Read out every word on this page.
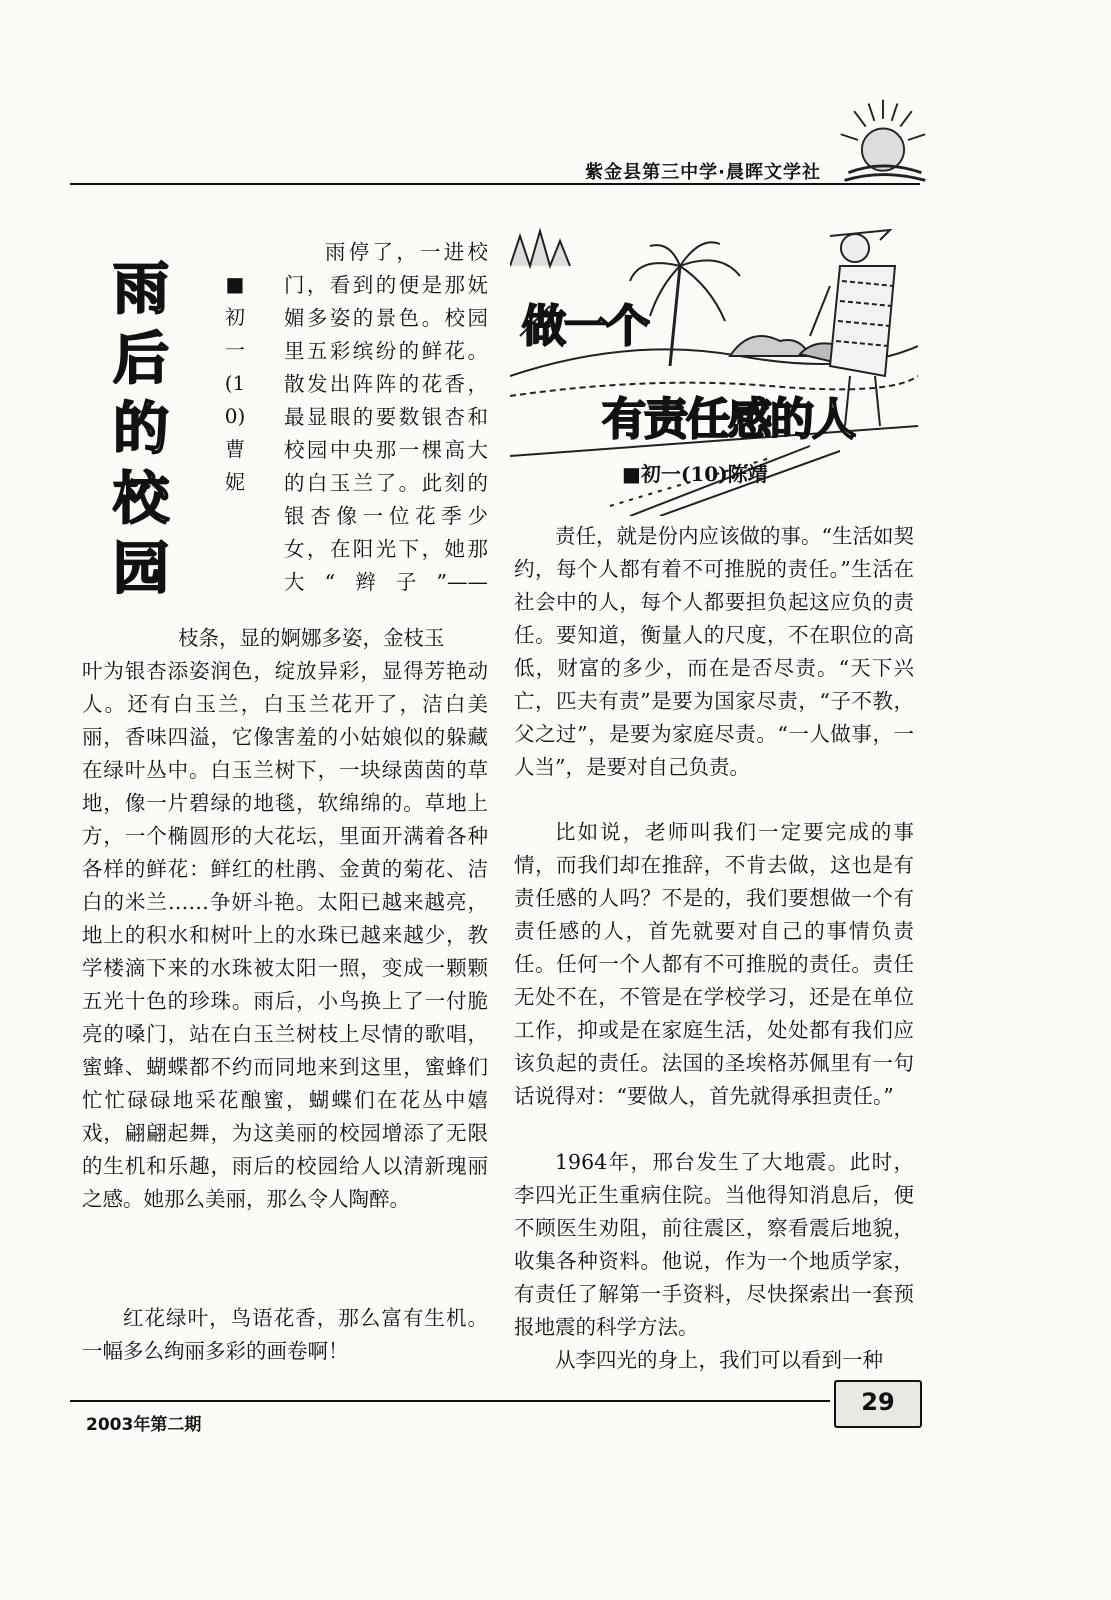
紫金县第三中学·晨晖文学社
雨
后
的
校
园
■初一(10)曹妮
雨停了，一进校门，看到的便是那妩媚多姿的景色。校园里五彩缤纷的鲜花。散发出阵阵的花香，最显眼的要数银杏和校园中央那一棵高大的白玉兰了。此刻的银杏像一位花季少女，在阳光下，她那大“辫子”——
枝条，显的婀娜多姿，金枝玉
叶为银杏添姿润色，绽放异彩，显得芳艳动人。还有白玉兰，白玉兰花开了，洁白美丽，香味四溢，它像害羞的小姑娘似的躲藏在绿叶丛中。白玉兰树下，一块绿茵茵的草地，像一片碧绿的地毯，软绵绵的。草地上方，一个椭圆形的大花坛，里面开满着各种各样的鲜花：鲜红的杜鹃、金黄的菊花、洁白的米兰……争妍斗艳。太阳已越来越亮，地上的积水和树叶上的水珠已越来越少，教学楼滴下来的水珠被太阳一照，变成一颗颗五光十色的珍珠。雨后，小鸟换上了一付脆亮的嗓门，站在白玉兰树枝上尽情的歌唱，蜜蜂、蝴蝶都不约而同地来到这里，蜜蜂们忙忙碌碌地采花酿蜜，蝴蝶们在花丛中嬉戏，翩翩起舞，为这美丽的校园增添了无限的生机和乐趣，雨后的校园给人以清新瑰丽之感。她那么美丽，那么令人陶醉。
红花绿叶，鸟语花香，那么富有生机。一幅多么绚丽多彩的画卷啊！
做一个
有责任感的人
■初一(10)陈靖
责任，就是份内应该做的事。“生活如契约，每个人都有着不可推脱的责任。”生活在社会中的人，每个人都要担负起这应负的责任。要知道，衡量人的尺度，不在职位的高低，财富的多少，而在是否尽责。“天下兴亡，匹夫有责”是要为国家尽责，“子不教，父之过”，是要为家庭尽责。“一人做事，一人当”，是要对自己负责。
比如说，老师叫我们一定要完成的事情，而我们却在推辞，不肯去做，这也是有责任感的人吗？不是的，我们要想做一个有责任感的人，首先就要对自己的事情负责任。任何一个人都有不可推脱的责任。责任无处不在，不管是在学校学习，还是在单位工作，抑或是在家庭生活，处处都有我们应该负起的责任。法国的圣埃格苏佩里有一句话说得对：“要做人，首先就得承担责任。”
1964年，邢台发生了大地震。此时，李四光正生重病住院。当他得知消息后，便不顾医生劝阻，前往震区，察看震后地貌，收集各种资料。他说，作为一个地质学家，有责任了解第一手资料，尽快探索出一套预报地震的科学方法。
从李四光的身上，我们可以看到一种
2003年第二期
29
